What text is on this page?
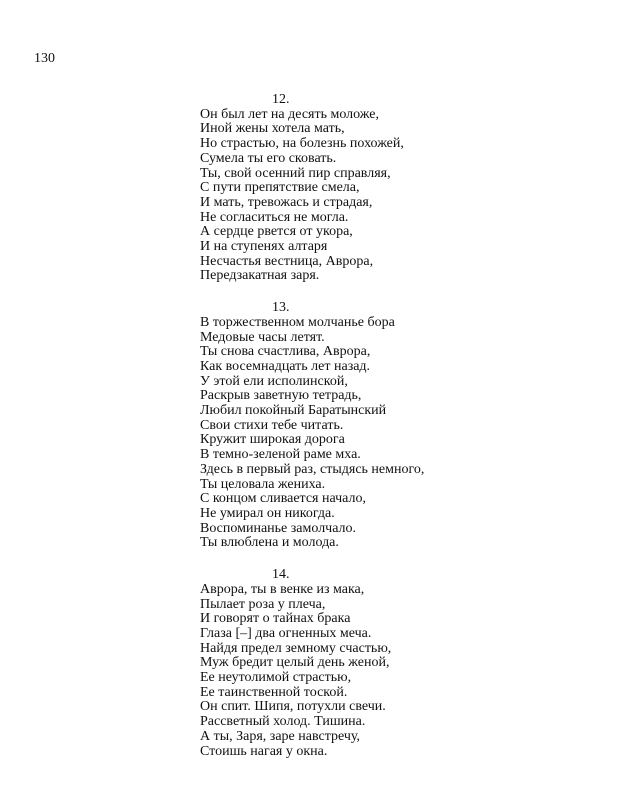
130
12.
Он был лет на десять моложе,
Иной жены хотела мать,
Но страстью, на болезнь похожей,
Сумела ты его сковать.
Ты, свой осенний пир справляя,
С пути препятствие смела,
И мать, тревожась и страдая,
Не согласиться не могла.
А сердце рвется от укора,
И на ступенях алтаря
Несчастья вестница, Аврора,
Передзакатная заря.
13.
В торжественном молчанье бора
Медовые часы летят.
Ты снова счастлива, Аврора,
Как восемнадцать лет назад.
У этой ели исполинской,
Раскрыв заветную тетрадь,
Любил покойный Баратынский
Свои стихи тебе читать.
Кружит широкая дорога
В темно-зеленой раме мха.
Здесь в первый раз, стыдясь немного,
Ты целовала жениха.
С концом сливается начало,
Не умирал он никогда.
Воспоминанье замолчало.
Ты влюблена и молода.
14.
Аврора, ты в венке из мака,
Пылает роза у плеча,
И говорят о тайнах брака
Глаза [–] два огненных меча.
Найдя предел земному счастью,
Муж бредит целый день женой,
Ее неутолимой страстью,
Ее таинственной тоской.
Он спит. Шипя, потухли свечи.
Рассветный холод. Тишина.
А ты, Заря, заре навстречу,
Стоишь нагая у окна.
